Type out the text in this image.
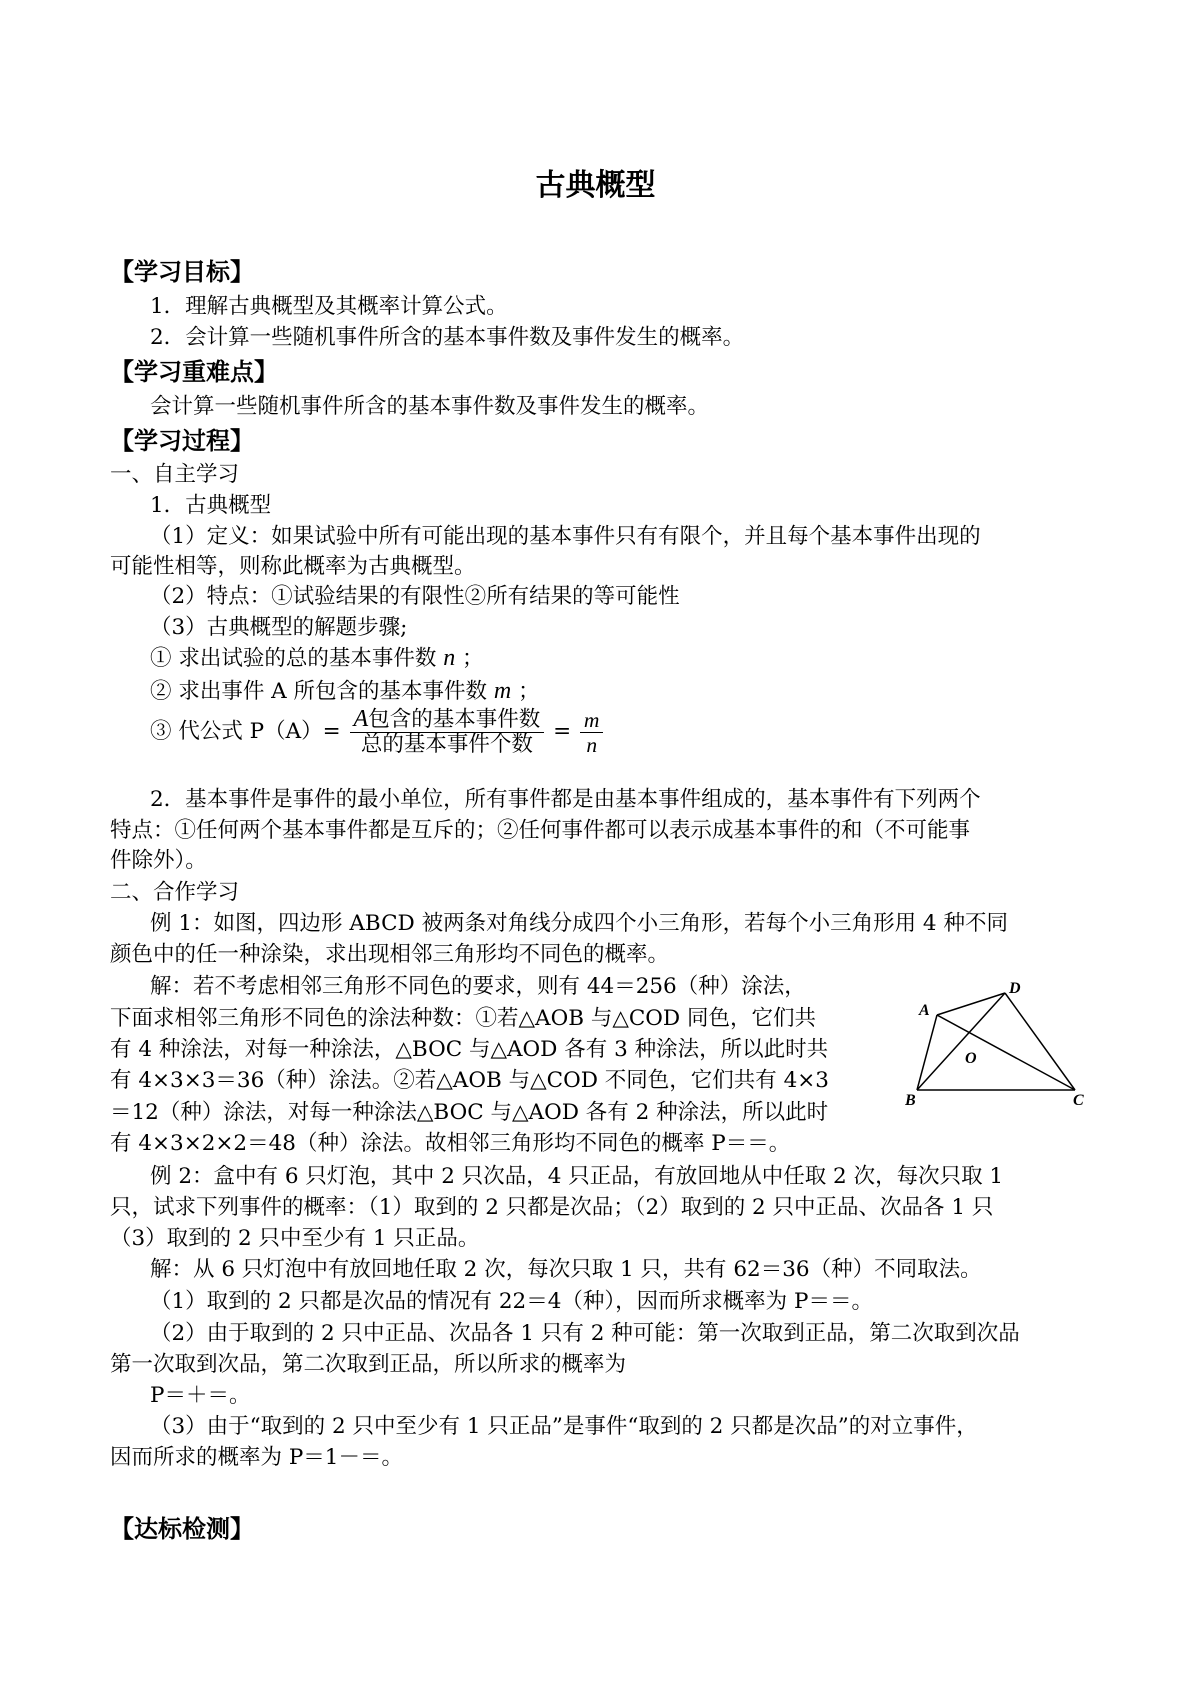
古典概型
【学习目标】
1．理解古典概型及其概率计算公式。
2．会计算一些随机事件所含的基本事件数及事件发生的概率。
【学习重难点】
会计算一些随机事件所含的基本事件数及事件发生的概率。
【学习过程】
一、自主学习
1．古典概型
（1）定义：如果试验中所有可能出现的基本事件只有有限个，并且每个基本事件出现的
可能性相等，则称此概率为古典概型。
（2）特点：①试验结果的有限性②所有结果的等可能性
（3）古典概型的解题步骤;
① 求出试验的总的基本事件数 n ；
② 求出事件 A 所包含的基本事件数 m ；
③ 代公式 $P(A)= \frac{\text{A包含的基本事件数}}{\text{总的基本事件个数}} = \frac{m}{n}$
2．基本事件是事件的最小单位，所有事件都是由基本事件组成的，基本事件有下列两个
特点：①任何两个基本事件都是互斥的；②任何事件都可以表示成基本事件的和（不可能事
件除外）。
二、合作学习
例 1：如图，四边形 ABCD 被两条对角线分成四个小三角形，若每个小三角形用 4 种不同
颜色中的任一种涂染，求出现相邻三角形均不同色的概率。
解：若不考虑相邻三角形不同色的要求，则有 44＝256（种）涂法，
下面求相邻三角形不同色的涂法种数：①若△AOB 与△COD 同色，它们共
有 4 种涂法，对每一种涂法，△BOC 与△AOD 各有 3 种涂法，所以此时共
有 4×3×3＝36（种）涂法。②若△AOB 与△COD 不同色，它们共有 4×3
＝12（种）涂法，对每一种涂法△BOC 与△AOD 各有 2 种涂法，所以此时
有 4×3×2×2＝48（种）涂法。故相邻三角形均不同色的概率 P＝＝。
A
D
B	C
O
例 2：盒中有 6 只灯泡，其中 2 只次品，4 只正品，有放回地从中任取 2 次，每次只取 1
只，试求下列事件的概率：（1）取到的 2 只都是次品；（2）取到的 2 只中正品、次品各 1 只
（3）取到的 2 只中至少有 1 只正品。
解：从 6 只灯泡中有放回地任取 2 次，每次只取 1 只，共有 62＝36（种）不同取法。
（1）取到的 2 只都是次品的情况有 22＝4（种），因而所求概率为 P＝＝。
（2）由于取到的 2 只中正品、次品各 1 只有 2 种可能：第一次取到正品，第二次取到次品
第一次取到次品，第二次取到正品，所以所求的概率为
P＝＋＝。
（3）由于“取到的 2 只中至少有 1 只正品”是事件“取到的 2 只都是次品”的对立事件，
因而所求的概率为 P＝1－＝。
【达标检测】
